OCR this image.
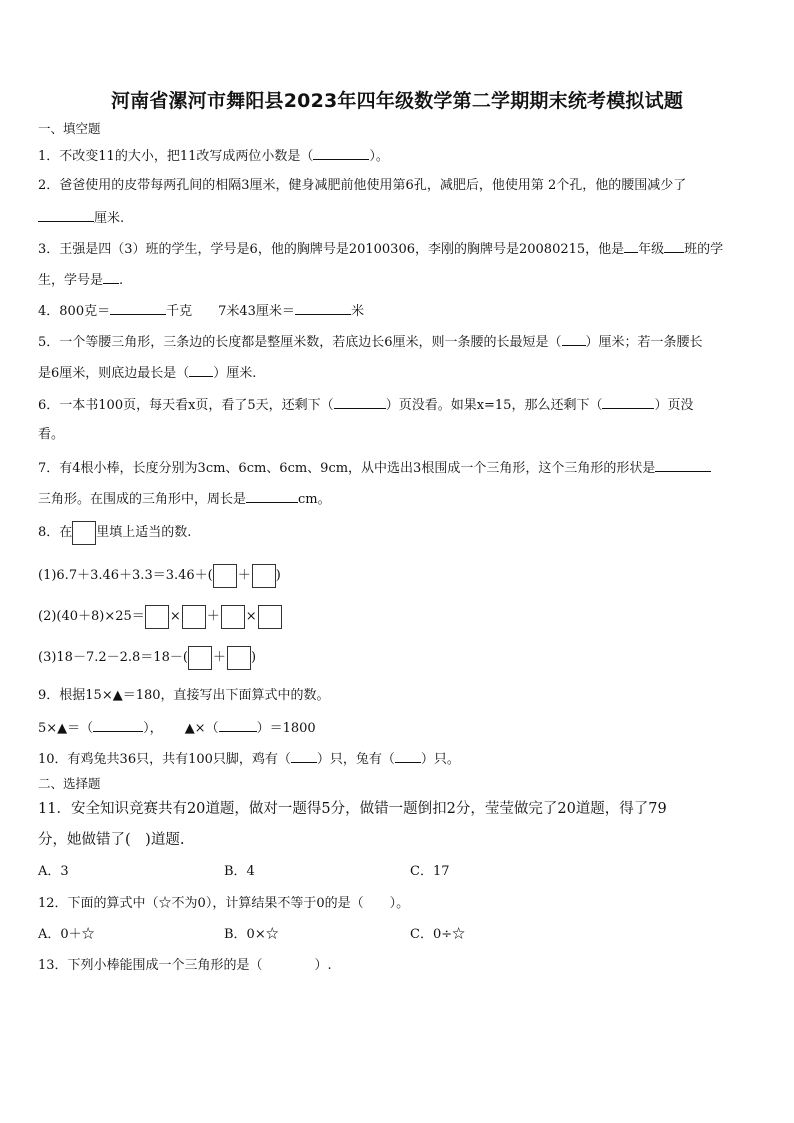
河南省漯河市舞阳县2023年四年级数学第二学期期末统考模拟试题
一、填空题
1．不改变11的大小，把11改写成两位小数是（	）。
2．爸爸使用的皮带每两孔间的相隔3厘米，健身减肥前他使用第6孔，减肥后，他使用第 2个孔，他的腰围减少了
厘米.
3．王强是四（3）班的学生，学号是6，他的胸牌号是20100306，李刚的胸牌号是20080215，他是 年级 班的学
生，学号是 .
4．800克＝	千克 7米43厘米＝	米
5．一个等腰三角形，三条边的长度都是整厘米数，若底边长6厘米，则一条腰的长最短是（ ）厘米；若一条腰长
是6厘米，则底边最长是（ ）厘米.
6．一本书100页，每天看x页，看了5天，还剩下（	）页没看。如果x=15，那么还剩下（	）页没
看。
7．有4根小棒，长度分别为3cm、6cm、6cm、9cm，从中选出3根围成一个三角形，这个三角形的形状是
三角形。在围成的三角形中，周长是	cm。
8．在 里填上适当的数.
(1)6.7＋3.46＋3.3＝3.46＋( ＋ )
(2)(40＋8)×25＝ × ＋ ×
(3)18－7.2－2.8＝18－( ＋ )
9．根据15×▲＝180，直接写出下面算式中的数。
5×▲＝（	）， ▲×（	）＝1800
10．有鸡兔共36只，共有100只脚，鸡有（ ）只，兔有（ ）只。
二、选择题
11．安全知识竞赛共有20道题，做对一题得5分，做错一题倒扣2分，莹莹做完了20道题，得了79
分，她做错了(　)道题.
A．3	B．4	C．17
12．下面的算式中（☆不为0），计算结果不等于0的是（　　）。
A．0＋☆	B．0×☆	C．0÷☆
13．下列小棒能围成一个三角形的是（　　　　）.
